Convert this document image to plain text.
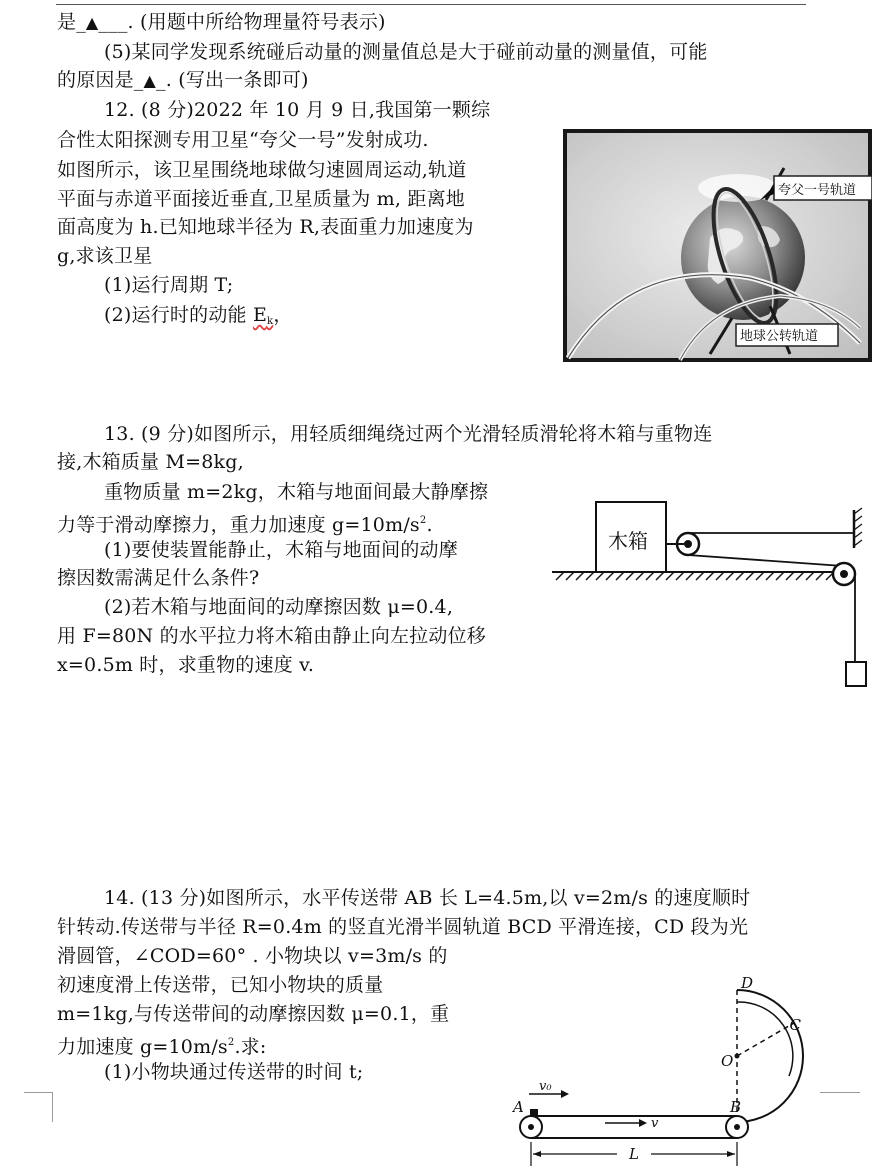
是_▲___. (用题中所给物理量符号表示)
(5)某同学发现系统碰后动量的测量值总是大于碰前动量的测量值，可能
的原因是_▲_. (写出一条即可)
12. (8 分)2022 年 10 月 9 日,我国第一颗综
合性太阳探测专用卫星“夸父一号”发射成功.
如图所示，该卫星围绕地球做匀速圆周运动,轨道
平面与赤道平面接近垂直,卫星质量为 m, 距离地
面高度为 h.已知地球半径为 R,表面重力加速度为
g,求该卫星
(1)运行周期 T;
(2)运行时的动能 Ek，
夸父一号轨道
地球公转轨道
13. (9 分)如图所示，用轻质细绳绕过两个光滑轻质滑轮将木箱与重物连
接,木箱质量 M=8kg,
重物质量 m=2kg，木箱与地面间最大静摩擦
力等于滑动摩擦力，重力加速度 $g=10m/s^2$.
(1)要使装置能静止，木箱与地面间的动摩
擦因数需满足什么条件?
(2)若木箱与地面间的动摩擦因数 μ=0.4,
用 F=80N 的水平拉力将木箱由静止向左拉动位移
x=0.5m 时，求重物的速度 v.
木箱
14. (13 分)如图所示，水平传送带 AB 长 L=4.5m,以 v=2m/s 的速度顺时
针转动.传送带与半径 R=0.4m 的竖直光滑半圆轨道 BCD 平滑连接，CD 段为光
滑圆管，∠COD=60° . 小物块以 v=3m/s 的
初速度滑上传送带，已知小物块的质量
m=1kg,与传送带间的动摩擦因数 μ=0.1，重
力加速度 $g=10m/s^2$.求:
(1)小物块通过传送带的时间 t;
D
C
O
A	B
v₀
v
L
